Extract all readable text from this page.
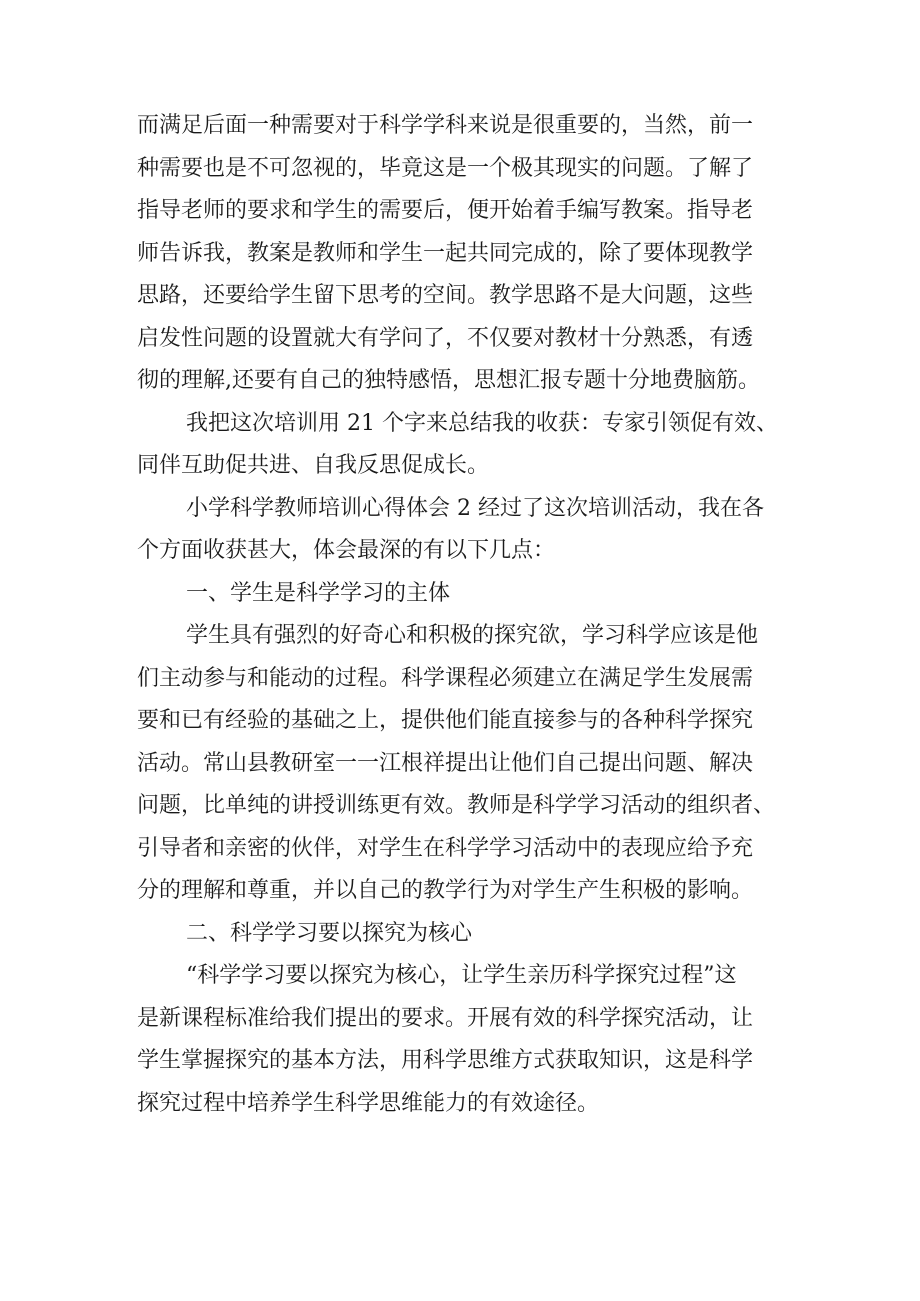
而满足后面一种需要对于科学学科来说是很重要的，当然，前一
种需要也是不可忽视的，毕竟这是一个极其现实的问题。了解了
指导老师的要求和学生的需要后，便开始着手编写教案。指导老
师告诉我，教案是教师和学生一起共同完成的，除了要体现教学
思路，还要给学生留下思考的空间。教学思路不是大问题，这些
启发性问题的设置就大有学问了，不仅要对教材十分熟悉，有透
彻的理解,还要有自己的独特感悟，思想汇报专题十分地费脑筋。
我把这次培训用 21 个字来总结我的收获：专家引领促有效、
同伴互助促共进、自我反思促成长。
小学科学教师培训心得体会 2 经过了这次培训活动，我在各
个方面收获甚大，体会最深的有以下几点：
一、学生是科学学习的主体
学生具有强烈的好奇心和积极的探究欲，学习科学应该是他
们主动参与和能动的过程。科学课程必须建立在满足学生发展需
要和已有经验的基础之上，提供他们能直接参与的各种科学探究
活动。常山县教研室一一江根祥提出让他们自己提出问题、解决
问题，比单纯的讲授训练更有效。教师是科学学习活动的组织者、
引导者和亲密的伙伴，对学生在科学学习活动中的表现应给予充
分的理解和尊重，并以自己的教学行为对学生产生积极的影响。
二、科学学习要以探究为核心
“科学学习要以探究为核心，让学生亲历科学探究过程”这
是新课程标准给我们提出的要求。开展有效的科学探究活动，让
学生掌握探究的基本方法，用科学思维方式获取知识，这是科学
探究过程中培养学生科学思维能力的有效途径。
